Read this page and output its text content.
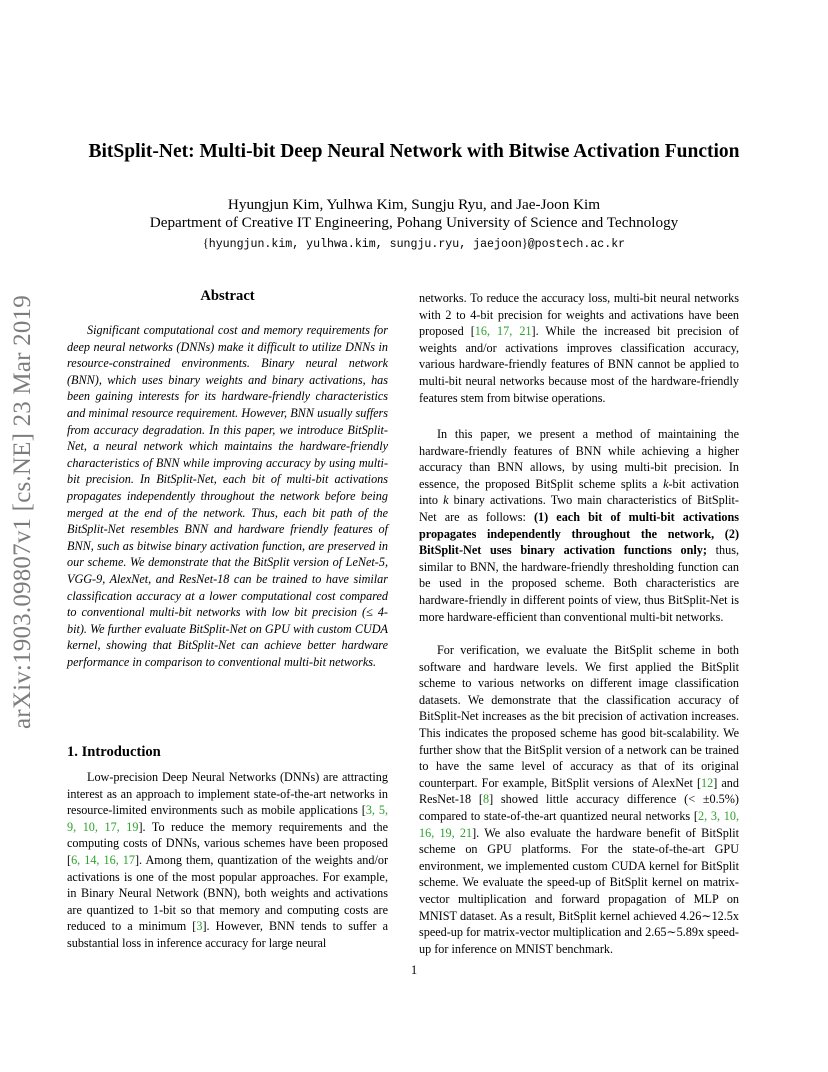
BitSplit-Net: Multi-bit Deep Neural Network with Bitwise Activation Function
Hyungjun Kim, Yulhwa Kim, Sungju Ryu, and Jae-Joon Kim
Department of Creative IT Engineering, Pohang University of Science and Technology
{hyungjun.kim, yulhwa.kim, sungju.ryu, jaejoon}@postech.ac.kr
arXiv:1903.09807v1 [cs.NE] 23 Mar 2019	Abstract

Significant computational cost and memory requirements for deep neural networks (DNNs) make it difficult to utilize DNNs in resource-constrained environments. Binary neural network (BNN), which uses binary weights and binary activations, has been gaining interests for its hardware-friendly characteristics and minimal resource requirement. However, BNN usually suffers from accuracy degradation. In this paper, we introduce BitSplit-Net, a neural network which maintains the hardware-friendly characteristics of BNN while improving accuracy by using multi-bit precision. In BitSplit-Net, each bit of multi-bit activations propagates independently throughout the network before being merged at the end of the network. Thus, each bit path of the BitSplit-Net resembles BNN and hardware friendly features of BNN, such as bitwise binary activation function, are preserved in our scheme. We demonstrate that the BitSplit version of LeNet-5, VGG-9, AlexNet, and ResNet-18 can be trained to have similar classification accuracy at a lower computational cost compared to conventional multi-bit networks with low bit precision (≤ 4-bit). We further evaluate BitSplit-Net on GPU with custom CUDA kernel, showing that BitSplit-Net can achieve better hardware performance in comparison to conventional multi-bit networks.

1. Introduction

Low-precision Deep Neural Networks (DNNs) are attracting interest as an approach to implement state-of-the-art networks in resource-limited environments such as mobile applications [3, 5, 9, 10, 17, 19]. To reduce the memory requirements and the computing costs of DNNs, various schemes have been proposed [6, 14, 16, 17]. Among them, quantization of the weights and/or activations is one of the most popular approaches. For example, in Binary Neural Network (BNN), both weights and activations are quantized to 1-bit so that memory and computing costs are reduced to a minimum [3]. However, BNN tends to suffer a substantial loss in inference accuracy for large neural

networks. To reduce the accuracy loss, multi-bit neural networks with 2 to 4-bit precision for weights and activations have been proposed [16, 17, 21]. While the increased bit precision of weights and/or activations improves classification accuracy, various hardware-friendly features of BNN cannot be applied to multi-bit neural networks because most of the hardware-friendly features stem from bitwise operations.

In this paper, we present a method of maintaining the hardware-friendly features of BNN while achieving a higher accuracy than BNN allows, by using multi-bit precision. In essence, the proposed BitSplit scheme splits a k-bit activation into k binary activations. Two main characteristics of BitSplit-Net are as follows: (1) each bit of multi-bit activations propagates independently throughout the network, (2) BitSplit-Net uses binary activation functions only; thus, similar to BNN, the hardware-friendly thresholding function can be used in the proposed scheme. Both characteristics are hardware-friendly in different points of view, thus BitSplit-Net is more hardware-efficient than conventional multi-bit networks.

For verification, we evaluate the BitSplit scheme in both software and hardware levels. We first applied the BitSplit scheme to various networks on different image classification datasets. We demonstrate that the classification accuracy of BitSplit-Net increases as the bit precision of activation increases. This indicates the proposed scheme has good bit-scalability. We further show that the BitSplit version of a network can be trained to have the same level of accuracy as that of its original counterpart. For example, BitSplit versions of AlexNet [12] and ResNet-18 [8] showed little accuracy difference (< ±0.5%) compared to state-of-the-art quantized neural networks [2, 3, 10, 16, 19, 21]. We also evaluate the hardware benefit of BitSplit scheme on GPU platforms. For the state-of-the-art GPU environment, we implemented custom CUDA kernel for BitSplit scheme. We evaluate the speed-up of BitSplit kernel on matrix-vector multiplication and forward propagation of MLP on MNIST dataset. As a result, BitSplit kernel achieved 4.26∼12.5x speed-up for matrix-vector multiplication and 2.65∼5.89x speed-up for inference on MNIST benchmark.

1
